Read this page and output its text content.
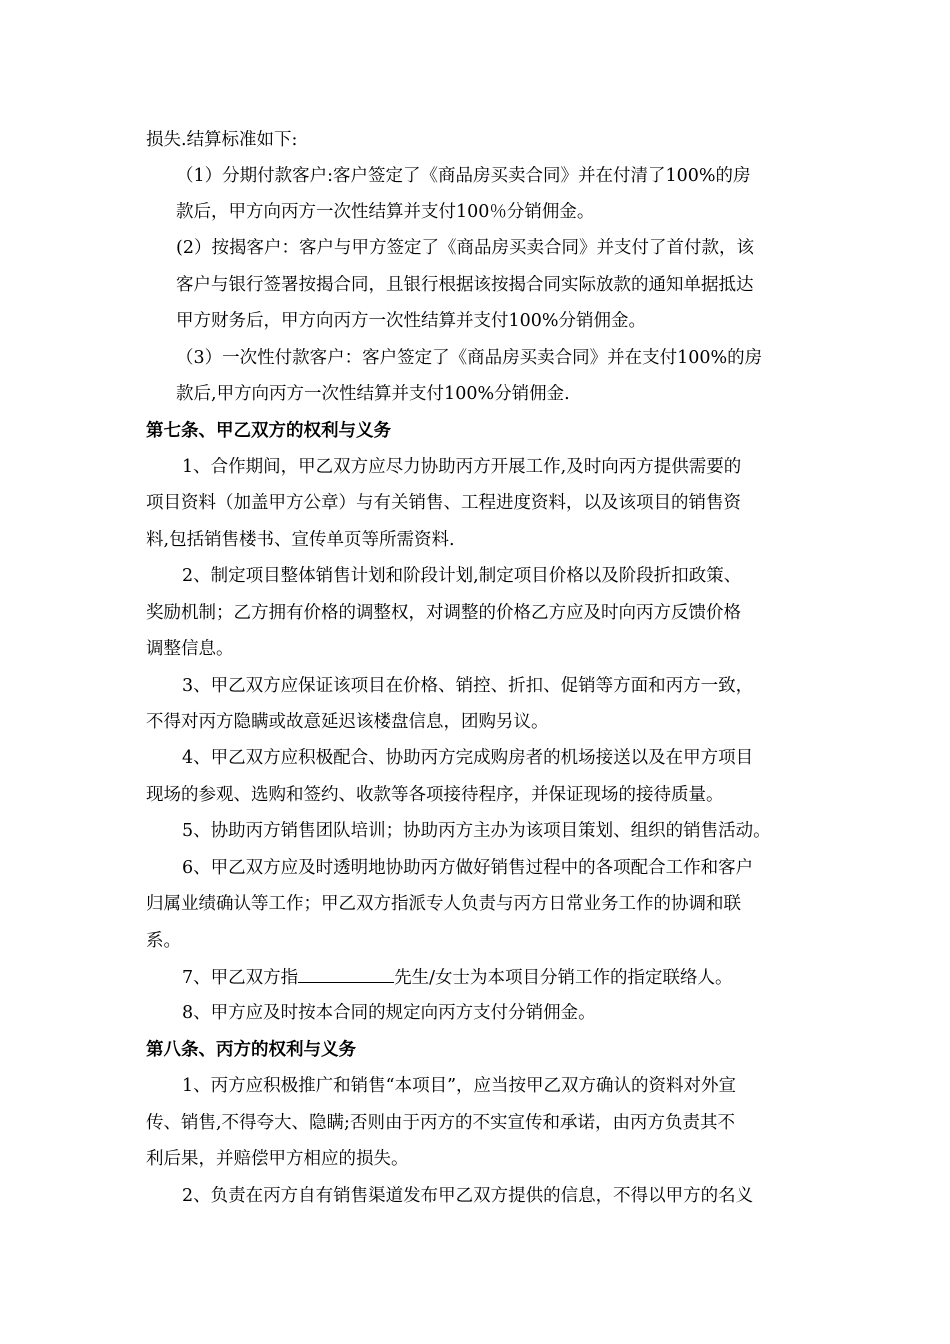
损失.结算标准如下:
（1）分期付款客户:客户签定了《商品房买卖合同》并在付清了100%的房
款后，甲方向丙方一次性结算并支付100％分销佣金。
(2）按揭客户：客户与甲方签定了《商品房买卖合同》并支付了首付款，该
客户与银行签署按揭合同，且银行根据该按揭合同实际放款的通知单据抵达
甲方财务后，甲方向丙方一次性结算并支付100%分销佣金。
（3）一次性付款客户：客户签定了《商品房买卖合同》并在支付100%的房
款后,甲方向丙方一次性结算并支付100%分销佣金.
第七条、甲乙双方的权利与义务
1、合作期间，甲乙双方应尽力协助丙方开展工作,及时向丙方提供需要的
项目资料（加盖甲方公章）与有关销售、工程进度资料，以及该项目的销售资
料,包括销售楼书、宣传单页等所需资料.
2、制定项目整体销售计划和阶段计划,制定项目价格以及阶段折扣政策、
奖励机制；乙方拥有价格的调整权，对调整的价格乙方应及时向丙方反馈价格
调整信息。
3、甲乙双方应保证该项目在价格、销控、折扣、促销等方面和丙方一致，
不得对丙方隐瞒或故意延迟该楼盘信息，团购另议。
4、甲乙双方应积极配合、协助丙方完成购房者的机场接送以及在甲方项目
现场的参观、选购和签约、收款等各项接待程序，并保证现场的接待质量。
5、协助丙方销售团队培训；协助丙方主办为该项目策划、组织的销售活动。
6、甲乙双方应及时透明地协助丙方做好销售过程中的各项配合工作和客户
归属业绩确认等工作；甲乙双方指派专人负责与丙方日常业务工作的协调和联
系。
7、甲乙双方指	先生/女士为本项目分销工作的指定联络人。
8、甲方应及时按本合同的规定向丙方支付分销佣金。
第八条、丙方的权利与义务
1、丙方应积极推广和销售“本项目”，应当按甲乙双方确认的资料对外宣
传、销售,不得夸大、隐瞒;否则由于丙方的不实宣传和承诺，由丙方负责其不
利后果，并赔偿甲方相应的损失。
2、负责在丙方自有销售渠道发布甲乙双方提供的信息，不得以甲方的名义
